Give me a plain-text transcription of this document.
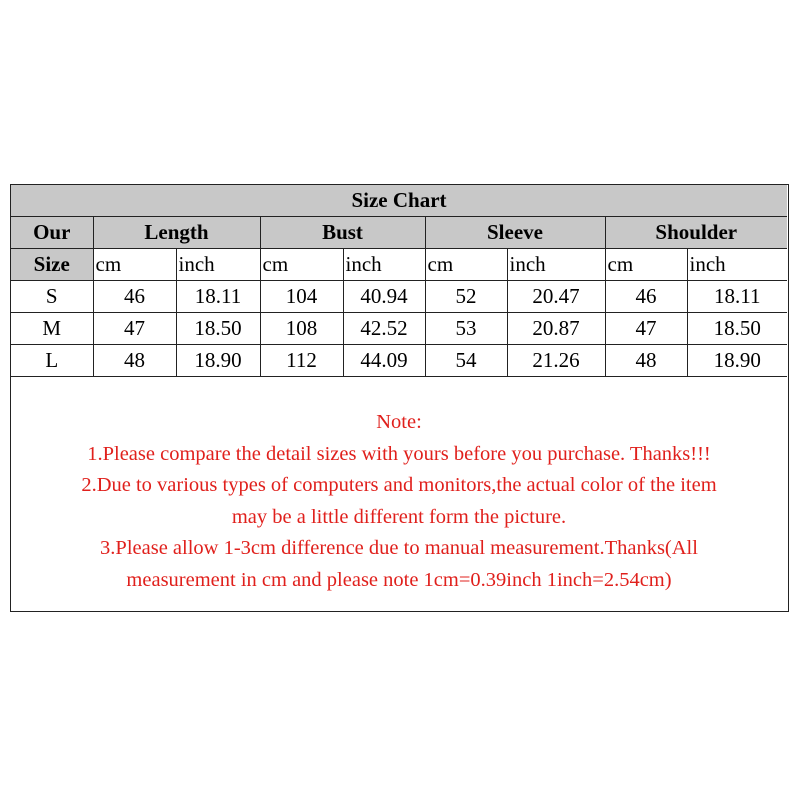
Size Chart								
Our	Length		Bust		Sleeve		Shoulder	
Size	cm	inch	cm	inch	cm	inch	cm	inch
S	46	18.11	104	40.94	52	20.47	46	18.11
M	47	18.50	108	42.52	53	20.87	47	18.50
L	48	18.90	112	44.09	54	21.26	48	18.90
Note:
1.Please compare the detail sizes with yours before you purchase. Thanks!!!
2.Due to various types of computers and monitors,the actual color of the item
may be a little different form the picture.
3.Please allow 1-3cm difference due to manual measurement.Thanks(All
measurement in cm and please note 1cm=0.39inch 1inch=2.54cm)
